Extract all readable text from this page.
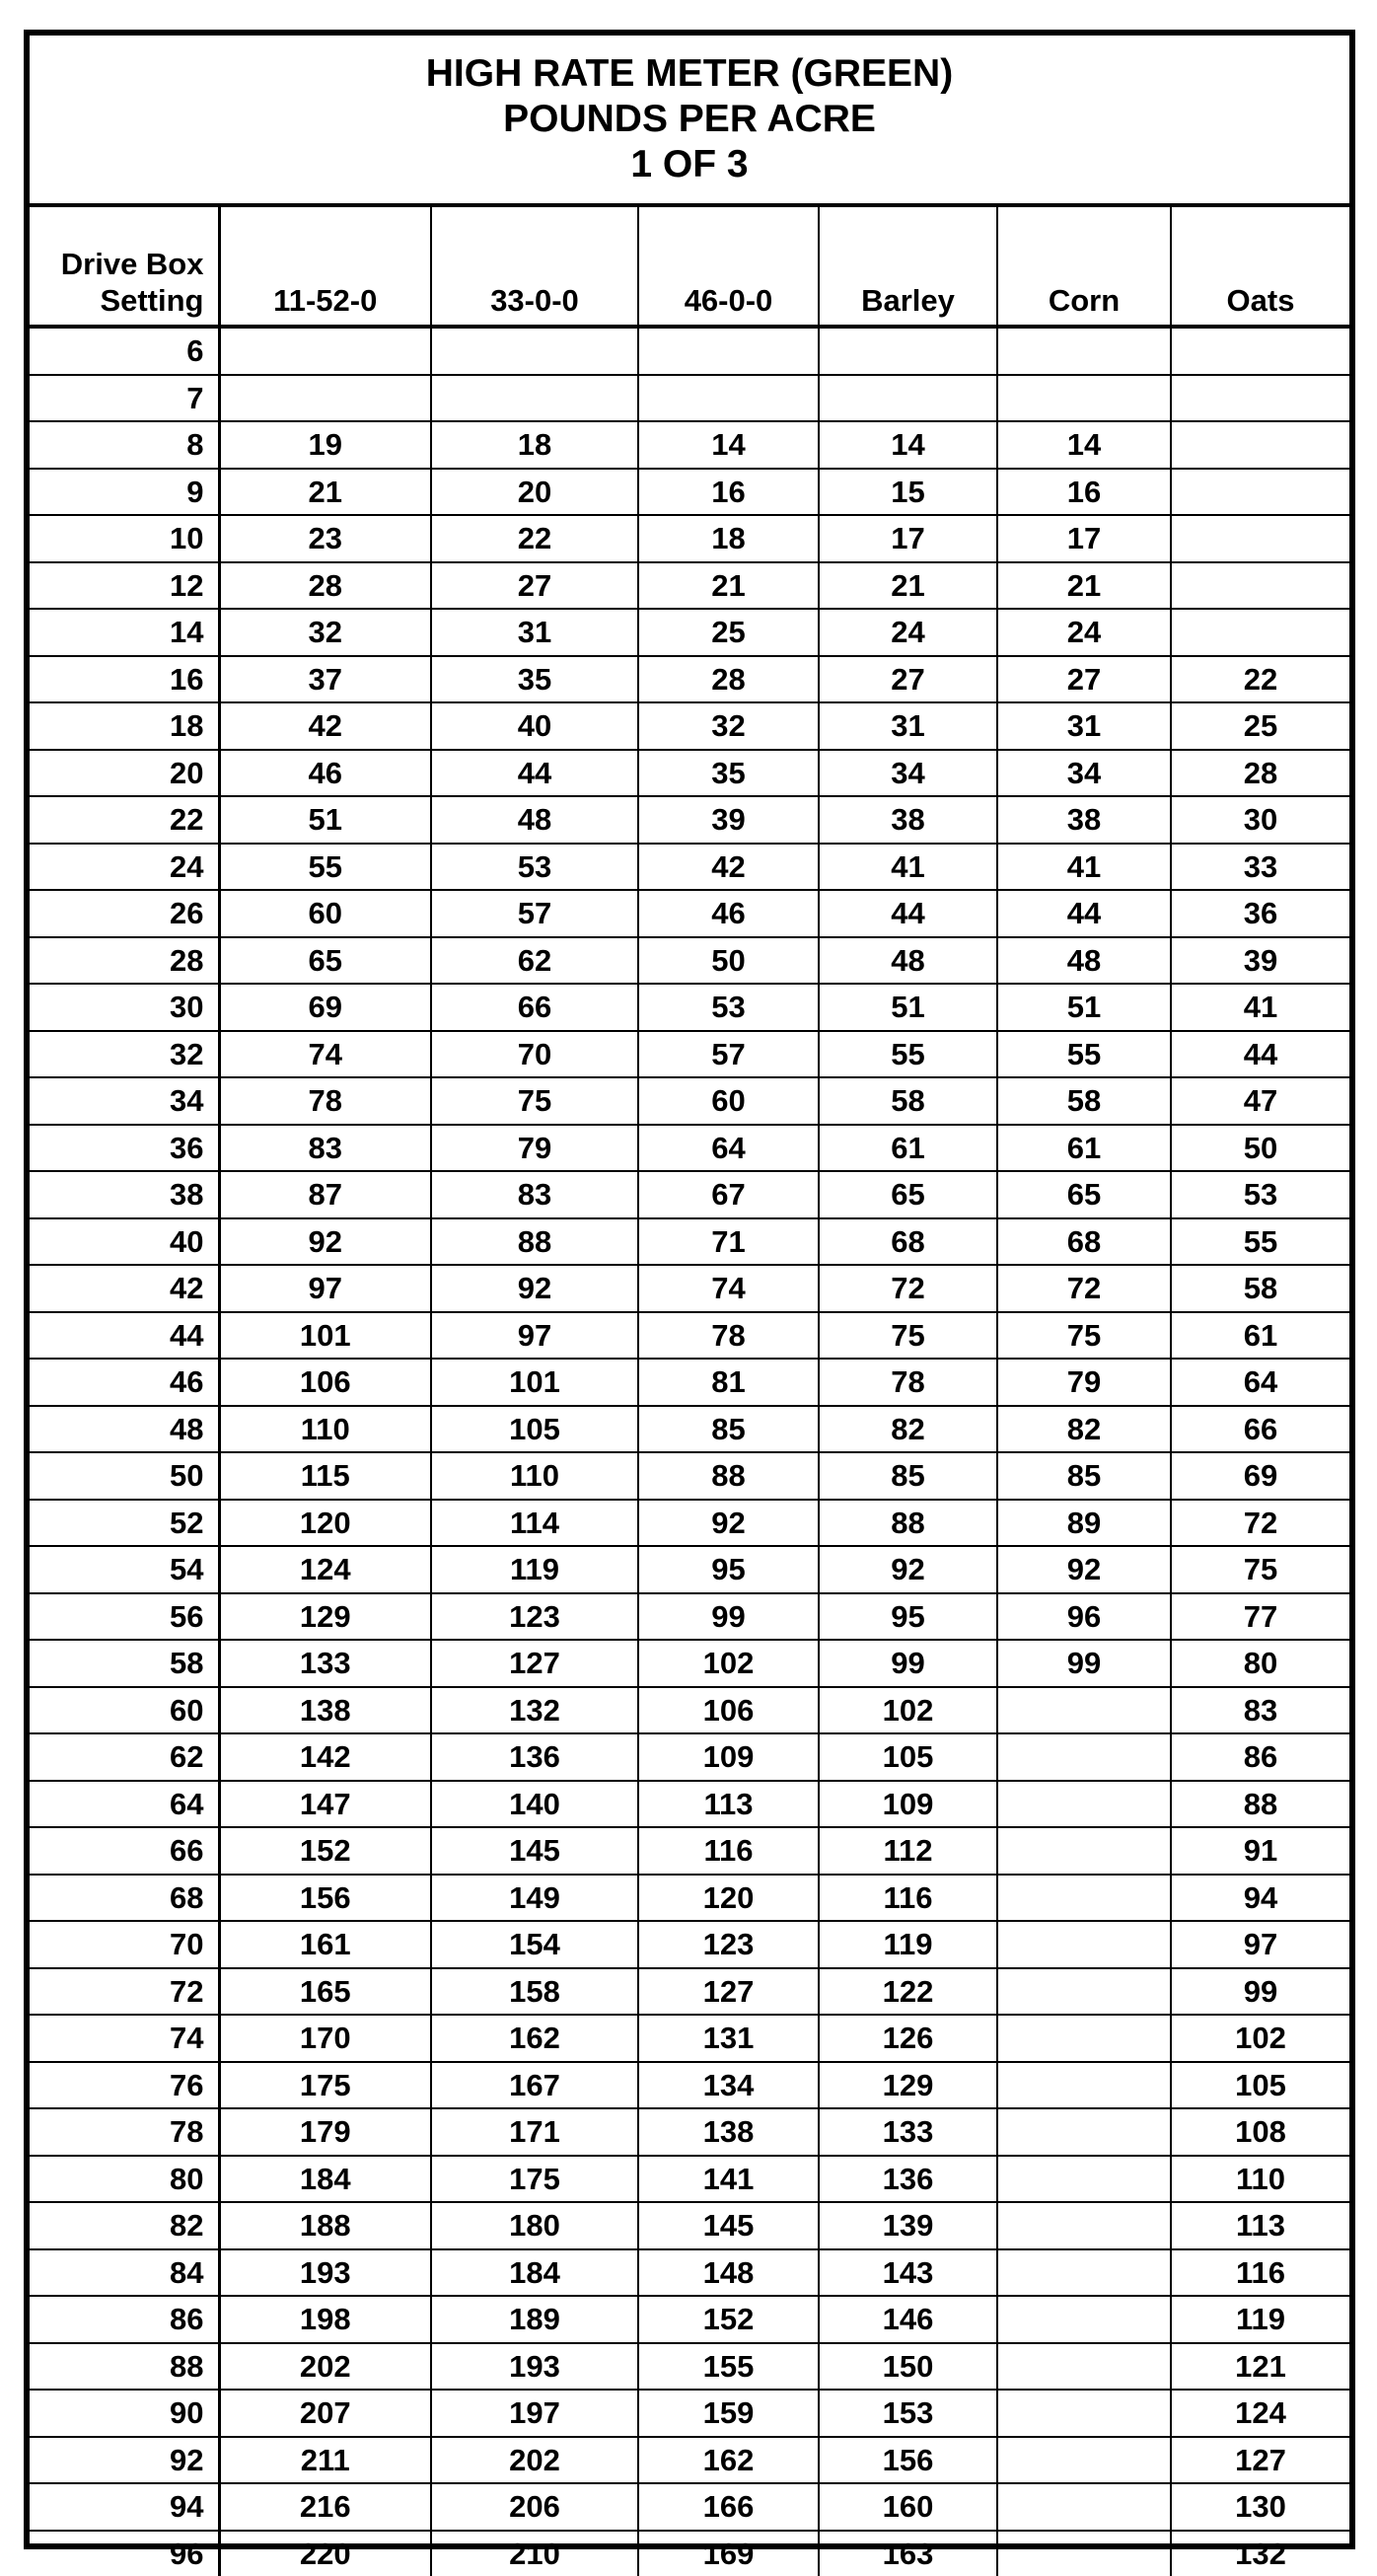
HIGH RATE METER (GREEN)
POUNDS PER ACRE
1 OF 3
Drive Box
Setting	11-52-0	33-0-0	46-0-0	Barley	Corn	Oats
6						
7						
8	19	18	14	14	14	
9	21	20	16	15	16	
10	23	22	18	17	17	
12	28	27	21	21	21	
14	32	31	25	24	24	
16	37	35	28	27	27	22
18	42	40	32	31	31	25
20	46	44	35	34	34	28
22	51	48	39	38	38	30
24	55	53	42	41	41	33
26	60	57	46	44	44	36
28	65	62	50	48	48	39
30	69	66	53	51	51	41
32	74	70	57	55	55	44
34	78	75	60	58	58	47
36	83	79	64	61	61	50
38	87	83	67	65	65	53
40	92	88	71	68	68	55
42	97	92	74	72	72	58
44	101	97	78	75	75	61
46	106	101	81	78	79	64
48	110	105	85	82	82	66
50	115	110	88	85	85	69
52	120	114	92	88	89	72
54	124	119	95	92	92	75
56	129	123	99	95	96	77
58	133	127	102	99	99	80
60	138	132	106	102		83
62	142	136	109	105		86
64	147	140	113	109		88
66	152	145	116	112		91
68	156	149	120	116		94
70	161	154	123	119		97
72	165	158	127	122		99
74	170	162	131	126		102
76	175	167	134	129		105
78	179	171	138	133		108
80	184	175	141	136		110
82	188	180	145	139		113
84	193	184	148	143		116
86	198	189	152	146		119
88	202	193	155	150		121
90	207	197	159	153		124
92	211	202	162	156		127
94	216	206	166	160		130
96	220	210	169	163		132
